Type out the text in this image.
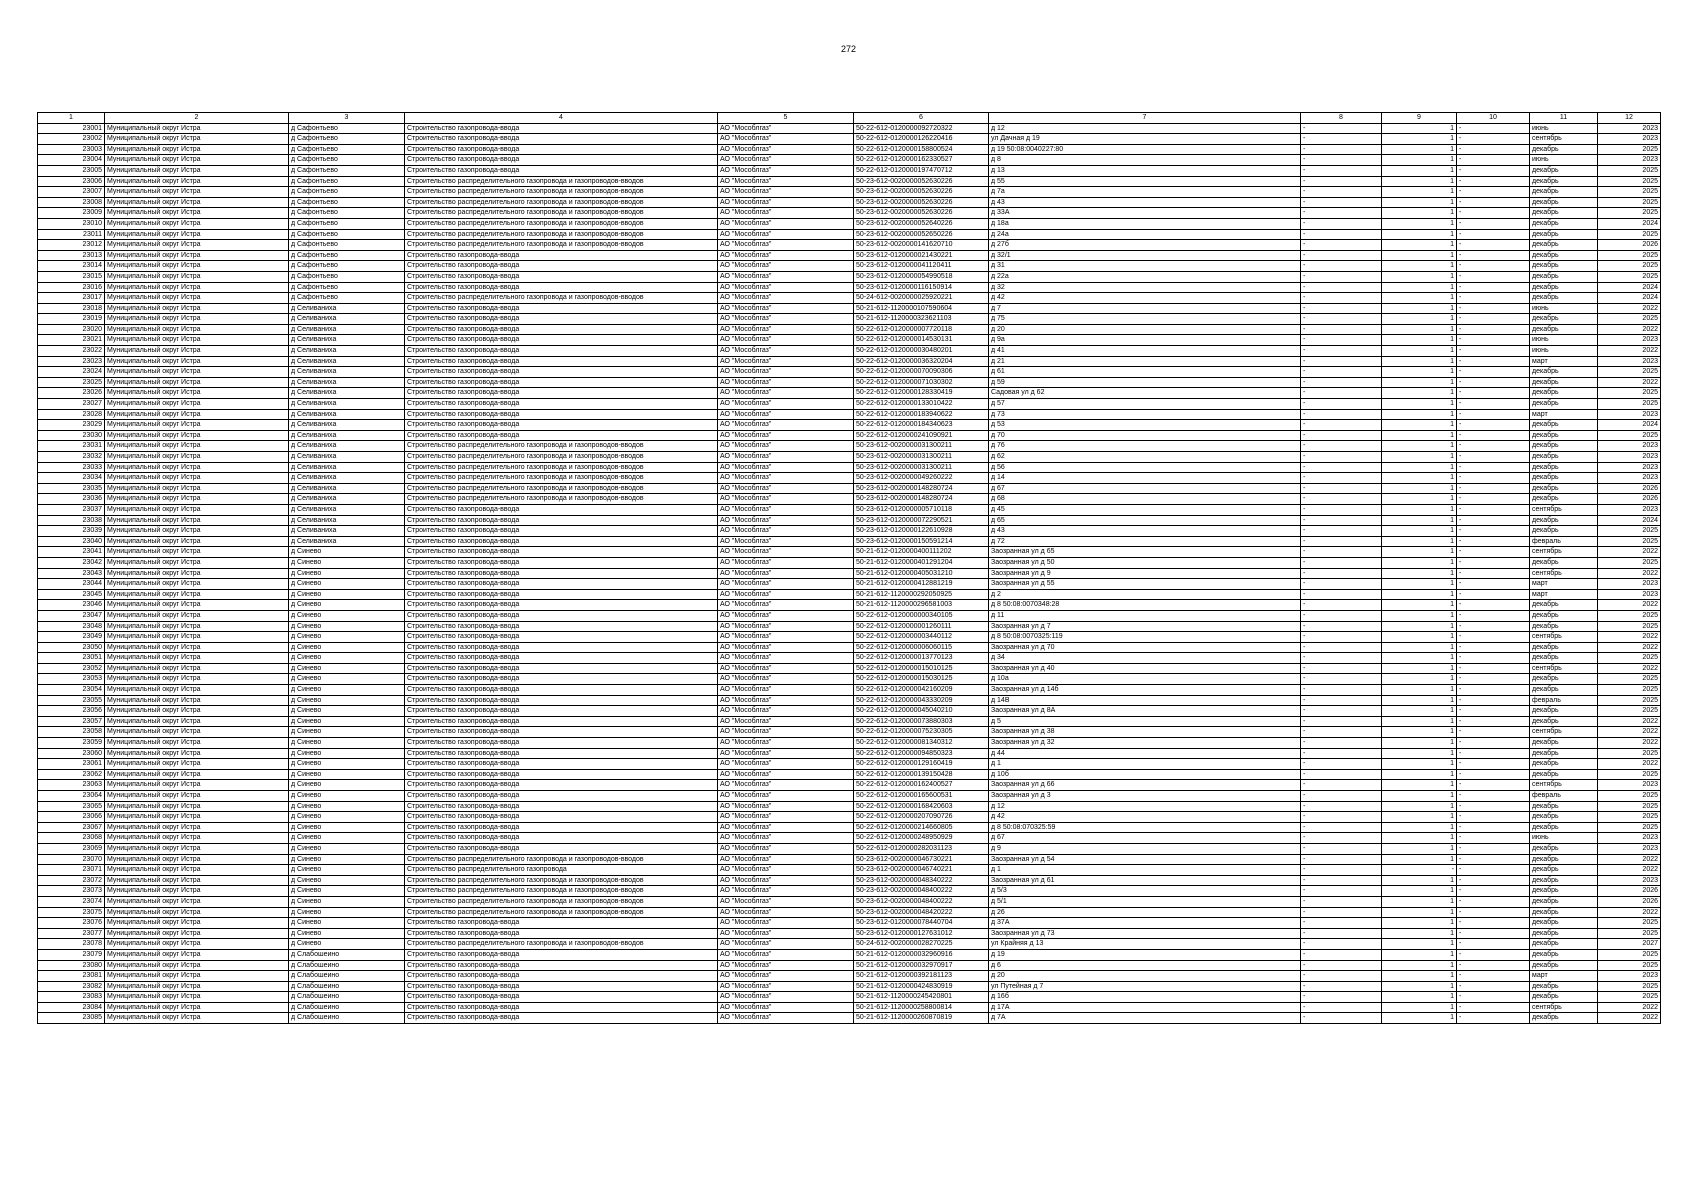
272
1	2	3	4	5	6	7	8	9	10	11	12
23001	Муниципальный округ Истра	д Сафонтьево	Строительство газопровода-ввода	АО "Мособлгаз"	50-22-612-0120000092720322	д 12	-	1	-	июнь	2023
23002	Муниципальный округ Истра	д Сафонтьево	Строительство газопровода-ввода	АО "Мособлгаз"	50-22-612-0120000126220416	ул Дачная д 19	-	1	-	сентябрь	2023
23003	Муниципальный округ Истра	д Сафонтьево	Строительство газопровода-ввода	АО "Мособлгаз"	50-22-612-0120000158800524	д 19 50:08:0040227:80	-	1	-	декабрь	2025
23004	Муниципальный округ Истра	д Сафонтьево	Строительство газопровода-ввода	АО "Мособлгаз"	50-22-612-0120000162330527	д 8	-	1	-	июнь	2023
23005	Муниципальный округ Истра	д Сафонтьево	Строительство газопровода-ввода	АО "Мособлгаз"	50-22-612-0120000197470712	д 13	-	1	-	декабрь	2025
23006	Муниципальный округ Истра	д Сафонтьево	Строительство распределительного газопровода и газопроводов-вводов	АО "Мособлгаз"	50-23-612-0020000052630226	д 55	-	1	-	декабрь	2025
23007	Муниципальный округ Истра	д Сафонтьево	Строительство распределительного газопровода и газопроводов-вводов	АО "Мособлгаз"	50-23-612-0020000052630226	д 7а	-	1	-	декабрь	2025
23008	Муниципальный округ Истра	д Сафонтьево	Строительство распределительного газопровода и газопроводов-вводов	АО "Мособлгаз"	50-23-612-0020000052630226	д 43	-	1	-	декабрь	2025
23009	Муниципальный округ Истра	д Сафонтьево	Строительство распределительного газопровода и газопроводов-вводов	АО "Мособлгаз"	50-23-612-0020000052630226	д 33А	-	1	-	декабрь	2025
23010	Муниципальный округ Истра	д Сафонтьево	Строительство распределительного газопровода и газопроводов-вводов	АО "Мособлгаз"	50-23-612-0020000052640226	д 18а	-	1	-	декабрь	2024
23011	Муниципальный округ Истра	д Сафонтьево	Строительство распределительного газопровода и газопроводов-вводов	АО "Мособлгаз"	50-23-612-0020000052650226	д 24а	-	1	-	декабрь	2025
23012	Муниципальный округ Истра	д Сафонтьево	Строительство распределительного газопровода и газопроводов-вводов	АО "Мособлгаз"	50-23-612-0020000141620710	д 27б	-	1	-	декабрь	2026
23013	Муниципальный округ Истра	д Сафонтьево	Строительство газопровода-ввода	АО "Мособлгаз"	50-23-612-0120000021430221	д 32/1	-	1	-	декабрь	2025
23014	Муниципальный округ Истра	д Сафонтьево	Строительство газопровода-ввода	АО "Мособлгаз"	50-23-612-0120000041120411	д 31	-	1	-	декабрь	2025
23015	Муниципальный округ Истра	д Сафонтьево	Строительство газопровода-ввода	АО "Мособлгаз"	50-23-612-0120000054990518	д 22а	-	1	-	декабрь	2025
23016	Муниципальный округ Истра	д Сафонтьево	Строительство газопровода-ввода	АО "Мособлгаз"	50-23-612-0120000116150914	д 32	-	1	-	декабрь	2024
23017	Муниципальный округ Истра	д Сафонтьево	Строительство распределительного газопровода и газопроводов-вводов	АО "Мособлгаз"	50-24-612-0020000025920221	д 42	-	1	-	декабрь	2024
23018	Муниципальный округ Истра	д Селиваниха	Строительство газопровода-ввода	АО "Мособлгаз"	50-21-612-1120000107590604	д 7	-	1	-	июнь	2022
23019	Муниципальный округ Истра	д Селиваниха	Строительство газопровода-ввода	АО "Мособлгаз"	50-21-612-1120000323621103	д 75	-	1	-	декабрь	2025
23020	Муниципальный округ Истра	д Селиваниха	Строительство газопровода-ввода	АО "Мособлгаз"	50-22-612-0120000007720118	д 20	-	1	-	декабрь	2022
23021	Муниципальный округ Истра	д Селиваниха	Строительство газопровода-ввода	АО "Мособлгаз"	50-22-612-0120000014530131	д 9а	-	1	-	июнь	2023
23022	Муниципальный округ Истра	д Селиваниха	Строительство газопровода-ввода	АО "Мособлгаз"	50-22-612-0120000030480201	д 41	-	1	-	июнь	2022
23023	Муниципальный округ Истра	д Селиваниха	Строительство газопровода-ввода	АО "Мособлгаз"	50-22-612-0120000036320204	д 21	-	1	-	март	2023
23024	Муниципальный округ Истра	д Селиваниха	Строительство газопровода-ввода	АО "Мособлгаз"	50-22-612-0120000070090306	д 61	-	1	-	декабрь	2025
23025	Муниципальный округ Истра	д Селиваниха	Строительство газопровода-ввода	АО "Мособлгаз"	50-22-612-0120000071030302	д 59	-	1	-	декабрь	2022
23026	Муниципальный округ Истра	д Селиваниха	Строительство газопровода-ввода	АО "Мособлгаз"	50-22-612-0120000128330419	Садовая ул д 62	-	1	-	декабрь	2025
23027	Муниципальный округ Истра	д Селиваниха	Строительство газопровода-ввода	АО "Мособлгаз"	50-22-612-0120000133010422	д 57	-	1	-	декабрь	2025
23028	Муниципальный округ Истра	д Селиваниха	Строительство газопровода-ввода	АО "Мособлгаз"	50-22-612-0120000183940622	д 73	-	1	-	март	2023
23029	Муниципальный округ Истра	д Селиваниха	Строительство газопровода-ввода	АО "Мособлгаз"	50-22-612-0120000184340623	д 53	-	1	-	декабрь	2024
23030	Муниципальный округ Истра	д Селиваниха	Строительство газопровода-ввода	АО "Мособлгаз"	50-22-612-0120000241090921	д 70	-	1	-	декабрь	2025
23031	Муниципальный округ Истра	д Селиваниха	Строительство распределительного газопровода и газопроводов-вводов	АО "Мособлгаз"	50-23-612-0020000031300211	д 76	-	1	-	декабрь	2023
23032	Муниципальный округ Истра	д Селиваниха	Строительство распределительного газопровода и газопроводов-вводов	АО "Мособлгаз"	50-23-612-0020000031300211	д 62	-	1	-	декабрь	2023
23033	Муниципальный округ Истра	д Селиваниха	Строительство распределительного газопровода и газопроводов-вводов	АО "Мособлгаз"	50-23-612-0020000031300211	д 56	-	1	-	декабрь	2023
23034	Муниципальный округ Истра	д Селиваниха	Строительство распределительного газопровода и газопроводов-вводов	АО "Мособлгаз"	50-23-612-0020000049260222	д 14	-	1	-	декабрь	2023
23035	Муниципальный округ Истра	д Селиваниха	Строительство распределительного газопровода и газопроводов-вводов	АО "Мособлгаз"	50-23-612-0020000148280724	д 67	-	1	-	декабрь	2026
23036	Муниципальный округ Истра	д Селиваниха	Строительство распределительного газопровода и газопроводов-вводов	АО "Мособлгаз"	50-23-612-0020000148280724	д 68	-	1	-	декабрь	2026
23037	Муниципальный округ Истра	д Селиваниха	Строительство газопровода-ввода	АО "Мособлгаз"	50-23-612-0120000005710118	д 45	-	1	-	сентябрь	2023
23038	Муниципальный округ Истра	д Селиваниха	Строительство газопровода-ввода	АО "Мособлгаз"	50-23-612-0120000072290521	д 65	-	1	-	декабрь	2024
23039	Муниципальный округ Истра	д Селиваниха	Строительство газопровода-ввода	АО "Мособлгаз"	50-23-612-0120000122610928	д 43	-	1	-	декабрь	2025
23040	Муниципальный округ Истра	д Селиваниха	Строительство газопровода-ввода	АО "Мособлгаз"	50-23-612-0120000150591214	д 72	-	1	-	февраль	2025
23041	Муниципальный округ Истра	д Синево	Строительство газопровода-ввода	АО "Мособлгаз"	50-21-612-0120000400111202	Заозранная ул д 65	-	1	-	сентябрь	2022
23042	Муниципальный округ Истра	д Синево	Строительство газопровода-ввода	АО "Мособлгаз"	50-21-612-0120000401291204	Заозранная ул д 50	-	1	-	декабрь	2025
23043	Муниципальный округ Истра	д Синево	Строительство газопровода-ввода	АО "Мособлгаз"	50-21-612-0120000405031210	Заозранная ул д 9	-	1	-	сентябрь	2022
23044	Муниципальный округ Истра	д Синево	Строительство газопровода-ввода	АО "Мособлгаз"	50-21-612-0120000412881219	Заозранная ул д 55	-	1	-	март	2023
23045	Муниципальный округ Истра	д Синево	Строительство газопровода-ввода	АО "Мособлгаз"	50-21-612-1120000292050925	д 2	-	1	-	март	2023
23046	Муниципальный округ Истра	д Синево	Строительство газопровода-ввода	АО "Мособлгаз"	50-21-612-1120000296581003	д 8 50:08:0070348:28	-	1	-	декабрь	2022
23047	Муниципальный округ Истра	д Синево	Строительство газопровода-ввода	АО "Мособлгаз"	50-22-612-0120000000340105	д 11	-	1	-	декабрь	2025
23048	Муниципальный округ Истра	д Синево	Строительство газопровода-ввода	АО "Мособлгаз"	50-22-612-0120000001260111	Заозранная ул д 7	-	1	-	декабрь	2025
23049	Муниципальный округ Истра	д Синево	Строительство газопровода-ввода	АО "Мособлгаз"	50-22-612-0120000003440112	д 8 50:08:0070325:119	-	1	-	сентябрь	2022
23050	Муниципальный округ Истра	д Синево	Строительство газопровода-ввода	АО "Мособлгаз"	50-22-612-0120000006060115	Заозранная ул д 70	-	1	-	декабрь	2022
23051	Муниципальный округ Истра	д Синево	Строительство газопровода-ввода	АО "Мособлгаз"	50-22-612-0120000013770123	д 34	-	1	-	декабрь	2025
23052	Муниципальный округ Истра	д Синево	Строительство газопровода-ввода	АО "Мособлгаз"	50-22-612-0120000015010125	Заозранная ул д 40	-	1	-	сентябрь	2022
23053	Муниципальный округ Истра	д Синево	Строительство газопровода-ввода	АО "Мособлгаз"	50-22-612-0120000015030125	д 10а	-	1	-	декабрь	2025
23054	Муниципальный округ Истра	д Синево	Строительство газопровода-ввода	АО "Мособлгаз"	50-22-612-0120000042160209	Заозранная ул д 14б	-	1	-	декабрь	2025
23055	Муниципальный округ Истра	д Синево	Строительство газопровода-ввода	АО "Мособлгаз"	50-22-612-0120000043330209	д 14В	-	1	-	февраль	2025
23056	Муниципальный округ Истра	д Синево	Строительство газопровода-ввода	АО "Мособлгаз"	50-22-612-0120000045040210	Заозранная ул д 8А	-	1	-	декабрь	2025
23057	Муниципальный округ Истра	д Синево	Строительство газопровода-ввода	АО "Мособлгаз"	50-22-612-0120000073880303	д 5	-	1	-	декабрь	2022
23058	Муниципальный округ Истра	д Синево	Строительство газопровода-ввода	АО "Мособлгаз"	50-22-612-0120000075230305	Заозранная ул д 38	-	1	-	сентябрь	2022
23059	Муниципальный округ Истра	д Синево	Строительство газопровода-ввода	АО "Мособлгаз"	50-22-612-0120000081340312	Заозранная ул д 32	-	1	-	декабрь	2022
23060	Муниципальный округ Истра	д Синево	Строительство газопровода-ввода	АО "Мособлгаз"	50-22-612-0120000094850323	д 44	-	1	-	декабрь	2025
23061	Муниципальный округ Истра	д Синево	Строительство газопровода-ввода	АО "Мособлгаз"	50-22-612-0120000129160419	д 1	-	1	-	декабрь	2022
23062	Муниципальный округ Истра	д Синево	Строительство газопровода-ввода	АО "Мособлгаз"	50-22-612-0120000139150428	д 10б	-	1	-	декабрь	2025
23063	Муниципальный округ Истра	д Синево	Строительство газопровода-ввода	АО "Мособлгаз"	50-22-612-0120000162400527	Заозранная ул д 66	-	1	-	сентябрь	2023
23064	Муниципальный округ Истра	д Синево	Строительство газопровода-ввода	АО "Мособлгаз"	50-22-612-0120000165600531	Заозранная ул д 3	-	1	-	февраль	2025
23065	Муниципальный округ Истра	д Синево	Строительство газопровода-ввода	АО "Мособлгаз"	50-22-612-0120000168420603	д 12	-	1	-	декабрь	2025
23066	Муниципальный округ Истра	д Синево	Строительство газопровода-ввода	АО "Мособлгаз"	50-22-612-0120000207090726	д 42	-	1	-	декабрь	2025
23067	Муниципальный округ Истра	д Синево	Строительство газопровода-ввода	АО "Мособлгаз"	50-22-612-0120000214660805	д 8 50:08:070325:59	-	1	-	декабрь	2025
23068	Муниципальный округ Истра	д Синево	Строительство газопровода-ввода	АО "Мособлгаз"	50-22-612-0120000248950929	д 67	-	1	-	июнь	2023
23069	Муниципальный округ Истра	д Синево	Строительство газопровода-ввода	АО "Мособлгаз"	50-22-612-0120000282031123	д 9	-	1	-	декабрь	2023
23070	Муниципальный округ Истра	д Синево	Строительство распределительного газопровода и газопроводов-вводов	АО "Мособлгаз"	50-23-612-0020000046730221	Заозранная ул д 54	-	1	-	декабрь	2022
23071	Муниципальный округ Истра	д Синево	Строительство распределительного газопровода	АО "Мособлгаз"	50-23-612-0020000046740221	д 1	-	-	-	декабрь	2022
23072	Муниципальный округ Истра	д Синево	Строительство распределительного газопровода и газопроводов-вводов	АО "Мособлгаз"	50-23-612-0020000048340222	Заозранная ул д 61	-	1	-	декабрь	2023
23073	Муниципальный округ Истра	д Синево	Строительство распределительного газопровода и газопроводов-вводов	АО "Мособлгаз"	50-23-612-0020000048400222	д 5/3	-	1	-	декабрь	2026
23074	Муниципальный округ Истра	д Синево	Строительство распределительного газопровода и газопроводов-вводов	АО "Мособлгаз"	50-23-612-0020000048400222	д 5/1	-	1	-	декабрь	2026
23075	Муниципальный округ Истра	д Синево	Строительство распределительного газопровода и газопроводов-вводов	АО "Мособлгаз"	50-23-612-0020000048420222	д 26	-	1	-	декабрь	2022
23076	Муниципальный округ Истра	д Синево	Строительство газопровода-ввода	АО "Мособлгаз"	50-23-612-0120000078440704	д 37А	-	1	-	декабрь	2025
23077	Муниципальный округ Истра	д Синево	Строительство газопровода-ввода	АО "Мособлгаз"	50-23-612-0120000127631012	Заозранная ул д 73	-	1	-	декабрь	2025
23078	Муниципальный округ Истра	д Синево	Строительство распределительного газопровода и газопроводов-вводов	АО "Мособлгаз"	50-24-612-0020000028270225	ул Крайняя д 13	-	1	-	декабрь	2027
23079	Муниципальный округ Истра	д Слабошеино	Строительство газопровода-ввода	АО "Мособлгаз"	50-21-612-0120000032960916	д 19	-	1	-	декабрь	2025
23080	Муниципальный округ Истра	д Слабошеино	Строительство газопровода-ввода	АО "Мособлгаз"	50-21-612-0120000032970917	д 6	-	1	-	декабрь	2025
23081	Муниципальный округ Истра	д Слабошеино	Строительство газопровода-ввода	АО "Мособлгаз"	50-21-612-0120000392181123	д 20	-	1	-	март	2023
23082	Муниципальный округ Истра	д Слабошеино	Строительство газопровода-ввода	АО "Мособлгаз"	50-21-612-0120000424830919	ул Путейная д 7	-	1	-	декабрь	2025
23083	Муниципальный округ Истра	д Слабошеино	Строительство газопровода-ввода	АО "Мособлгаз"	50-21-612-1120000245420801	д 16б	-	1	-	декабрь	2025
23084	Муниципальный округ Истра	д Слабошеино	Строительство газопровода-ввода	АО "Мособлгаз"	50-21-612-1120000258800814	д 17А	-	1	-	сентябрь	2022
23085	Муниципальный округ Истра	д Слабошеино	Строительство газопровода-ввода	АО "Мособлгаз"	50-21-612-1120000260870819	д 7А	-	1	-	декабрь	2022
